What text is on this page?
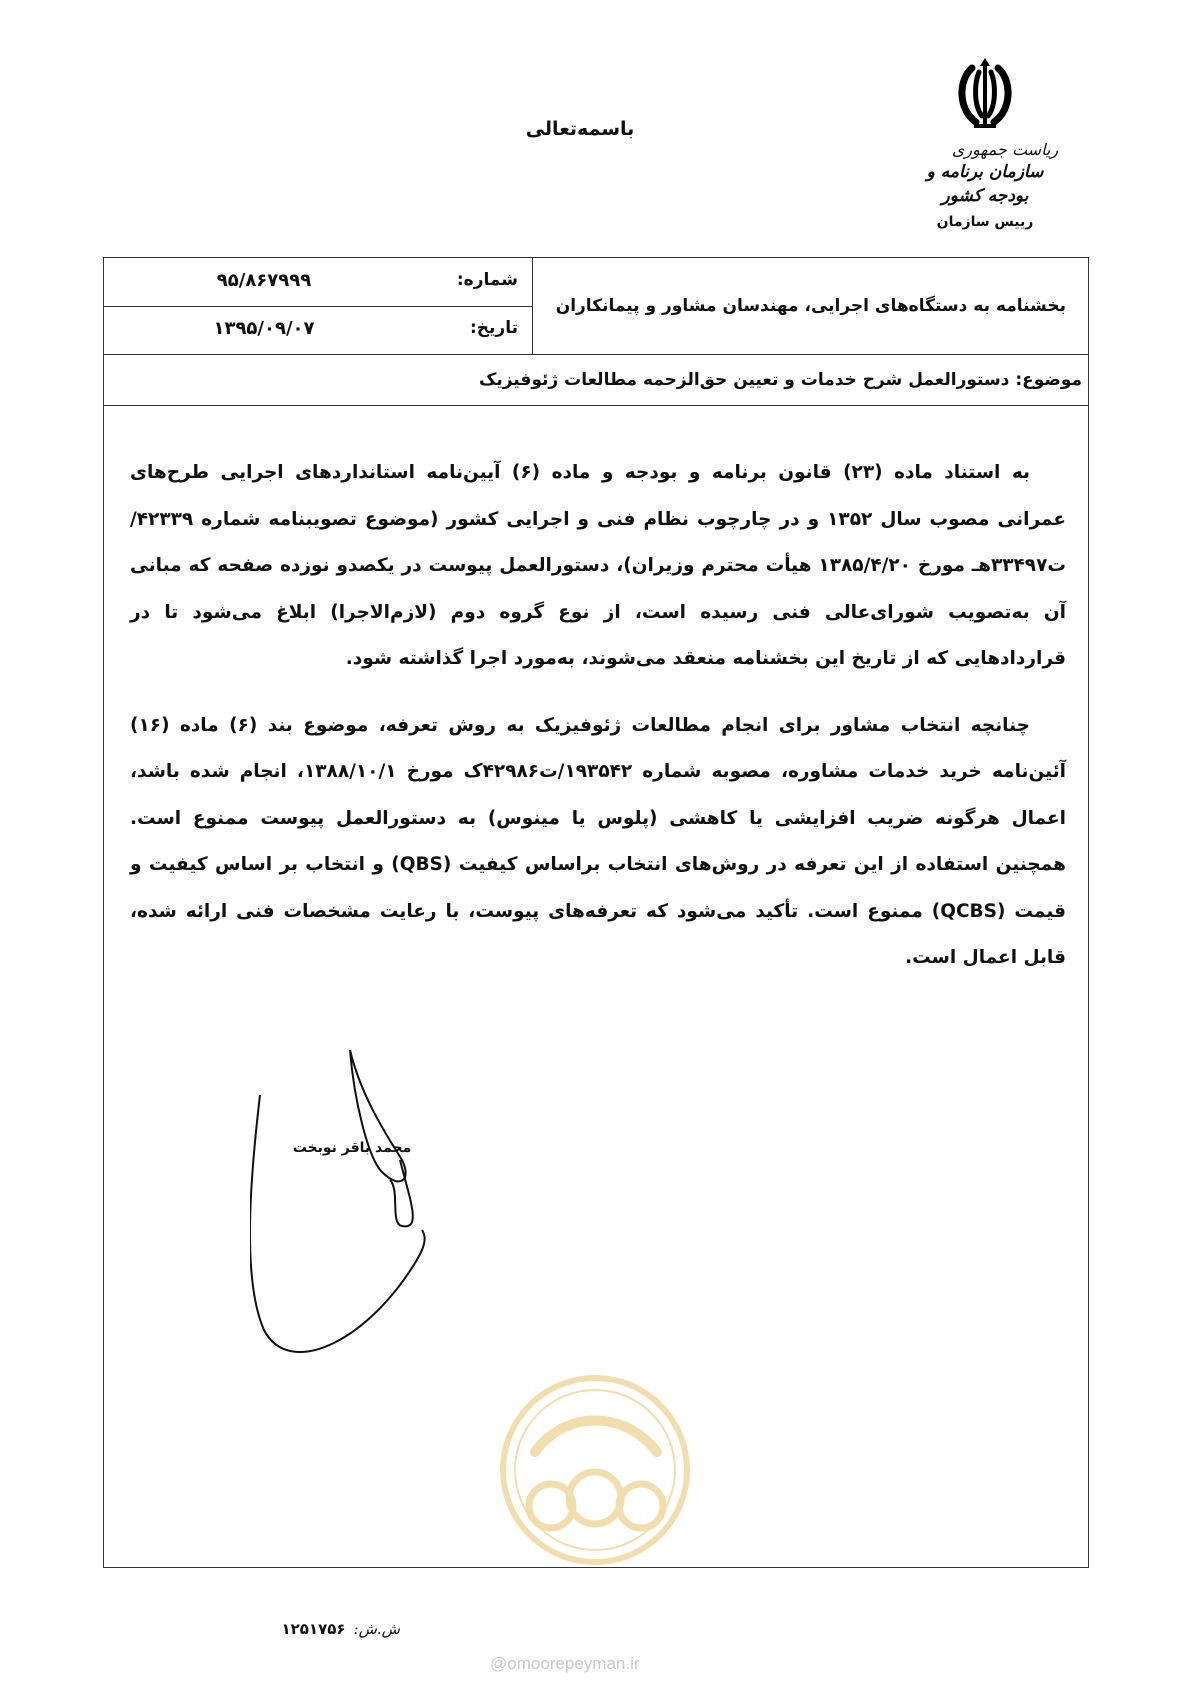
باسمه‌تعالی
ریاست جمهوری
سازمان برنامه و بودجه کشور
رییس سازمان
بخشنامه به دستگاه‌های اجرایی، مهندسان مشاور و پیمانکاران
شماره:
۹۵/۸۶۷۹۹۹
تاریخ:
۱۳۹۵/۰۹/۰۷
موضوع: دستورالعمل شرح خدمات و تعیین حق‌الزحمه مطالعات ژئوفیزیک

به استناد ماده (۲۳) قانون برنامه و بودجه و ماده (۶) آیین‌نامه استانداردهای اجرایی طرح‌های عمرانی مصوب سال ۱۳۵۲ و در چارچوب نظام فنی و اجرایی کشور (موضوع تصویبنامه شماره ۴۲۳۳۹/ت۳۳۴۹۷هـ مورخ ۱۳۸۵/۴/۲۰ هیأت محترم وزیران)، دستورالعمل پیوست در یکصدو نوزده صفحه که مبانی آن به‌تصویب شورای‌عالی فنی رسیده است، از نوع گروه دوم (لازم‌الاجرا) ابلاغ می‌شود تا در قراردادهایی که از تاریخ این بخشنامه منعقد می‌شوند، به‌مورد اجرا گذاشته شود.

چنانچه انتخاب مشاور برای انجام مطالعات ژئوفیزیک به روش تعرفه، موضوع بند (۶) ماده (۱۶) آئین‌نامه خرید خدمات مشاوره، مصوبه شماره ۱۹۳۵۴۲/ت۴۲۹۸۶ک مورخ ۱۳۸۸/۱۰/۱، انجام شده باشد، اعمال هرگونه ضریب افزایشی یا کاهشی (پلوس یا مینوس) به دستورالعمل پیوست ممنوع است. همچنین استفاده از این تعرفه در روش‌های انتخاب براساس کیفیت (QBS) و انتخاب بر اساس کیفیت و قیمت (QCBS) ممنوع است. تأکید می‌شود که تعرفه‌های پیوست، با رعایت مشخصات فنی ارائه شده، قابل اعمال است.

محمد باقر نوبخت
ش.ش:
۱۲۵۱۷۵۶
@omoorepeyman.ir
